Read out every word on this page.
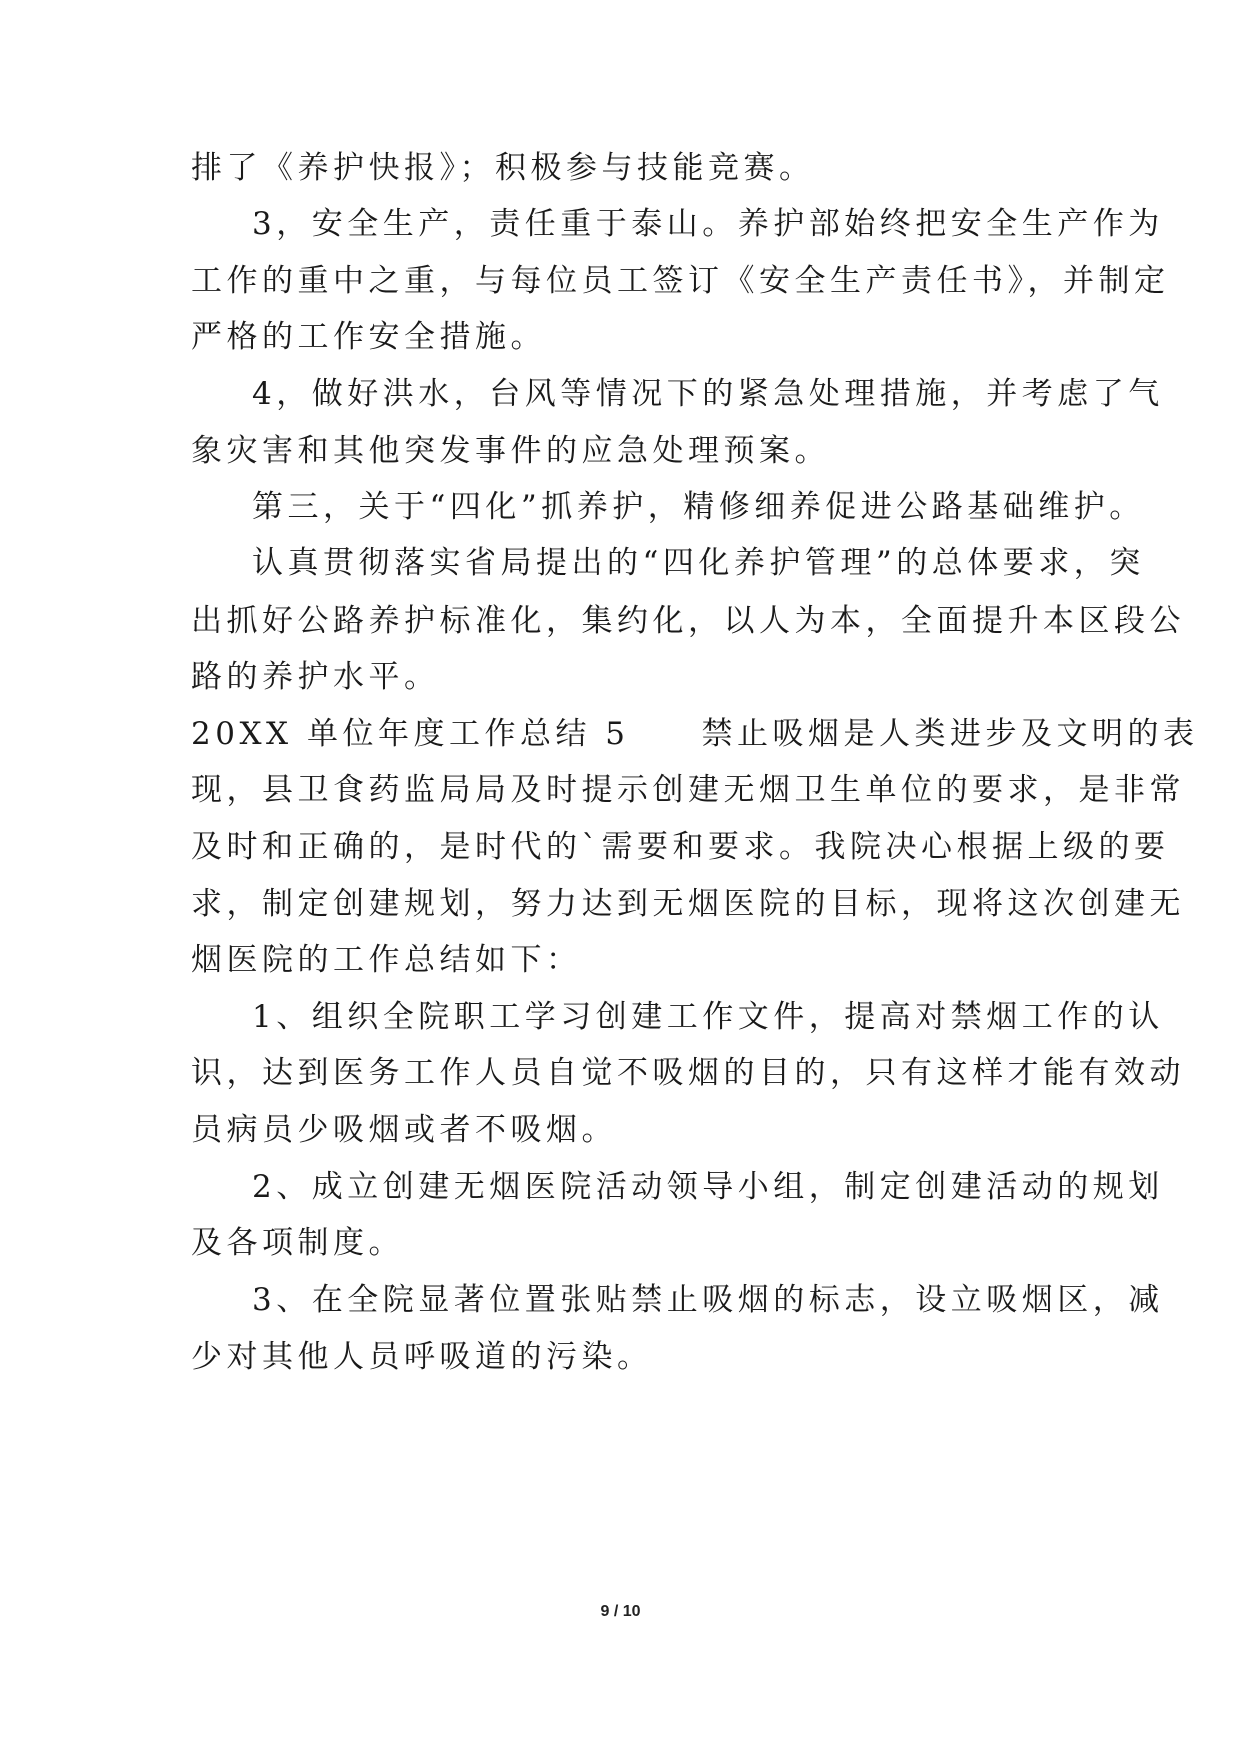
排了《养护快报》；积极参与技能竞赛。
3，安全生产，责任重于泰山。养护部始终把安全生产作为
工作的重中之重，与每位员工签订《安全生产责任书》，并制定
严格的工作安全措施。
4，做好洪水，台风等情况下的紧急处理措施，并考虑了气
象灾害和其他突发事件的应急处理预案。
第三，关于“四化”抓养护，精修细养促进公路基础维护。
认真贯彻落实省局提出的“四化养护管理”的总体要求，突
出抓好公路养护标准化，集约化，以人为本，全面提升本区段公
路的养护水平。
20XX 单位年度工作总结 5 禁止吸烟是人类进步及文明的表
现，县卫食药监局局及时提示创建无烟卫生单位的要求，是非常
及时和正确的，是时代的`需要和要求。我院决心根据上级的要
求，制定创建规划，努力达到无烟医院的目标，现将这次创建无
烟医院的工作总结如下：
1、组织全院职工学习创建工作文件，提高对禁烟工作的认
识，达到医务工作人员自觉不吸烟的目的，只有这样才能有效动
员病员少吸烟或者不吸烟。
2、成立创建无烟医院活动领导小组，制定创建活动的规划
及各项制度。
3、在全院显著位置张贴禁止吸烟的标志，设立吸烟区，减
少对其他人员呼吸道的污染。
9 / 10
